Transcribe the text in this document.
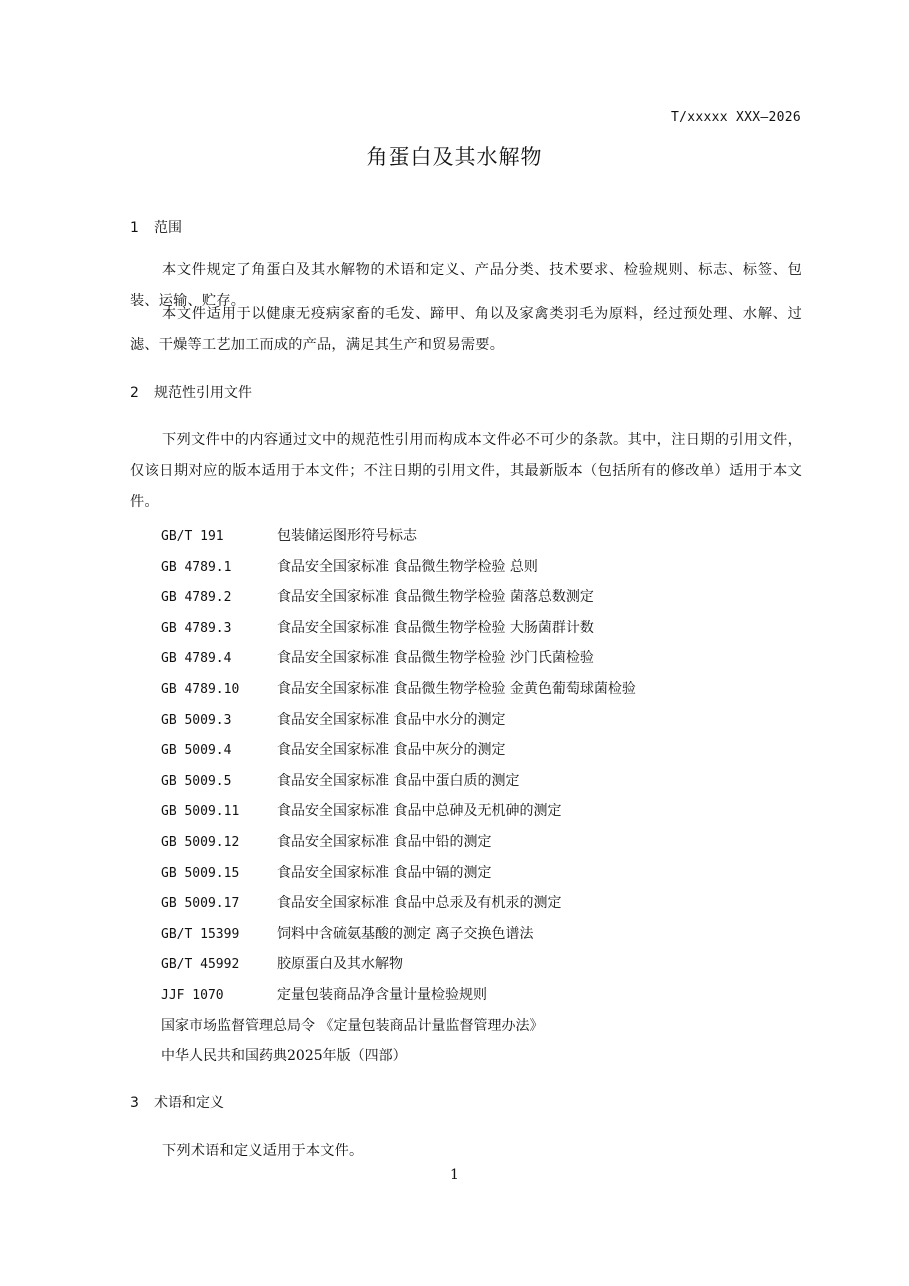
T/xxxxx XXX—2026
角蛋白及其水解物
1 范围
本文件规定了角蛋白及其水解物的术语和定义、产品分类、技术要求、检验规则、标志、标签、包装、运输、贮存。
本文件适用于以健康无疫病家畜的毛发、蹄甲、角以及家禽类羽毛为原料，经过预处理、水解、过滤、干燥等工艺加工而成的产品，满足其生产和贸易需要。
2 规范性引用文件
下列文件中的内容通过文中的规范性引用而构成本文件必不可少的条款。其中，注日期的引用文件，仅该日期对应的版本适用于本文件；不注日期的引用文件，其最新版本（包括所有的修改单）适用于本文件。
GB/T 191	包装储运图形符号标志
GB 4789.1	食品安全国家标准 食品微生物学检验 总则
GB 4789.2	食品安全国家标准 食品微生物学检验 菌落总数测定
GB 4789.3	食品安全国家标准 食品微生物学检验 大肠菌群计数
GB 4789.4	食品安全国家标准 食品微生物学检验 沙门氏菌检验
GB 4789.10	食品安全国家标准 食品微生物学检验 金黄色葡萄球菌检验
GB 5009.3	食品安全国家标准 食品中水分的测定
GB 5009.4	食品安全国家标准 食品中灰分的测定
GB 5009.5	食品安全国家标准 食品中蛋白质的测定
GB 5009.11	食品安全国家标准 食品中总砷及无机砷的测定
GB 5009.12	食品安全国家标准 食品中铅的测定
GB 5009.15	食品安全国家标准 食品中镉的测定
GB 5009.17	食品安全国家标准 食品中总汞及有机汞的测定
GB/T 15399	饲料中含硫氨基酸的测定 离子交换色谱法
GB/T 45992	胶原蛋白及其水解物
JJF 1070	定量包装商品净含量计量检验规则
国家市场监督管理总局令 《定量包装商品计量监督管理办法》
中华人民共和国药典2025年版（四部）
3 术语和定义
下列术语和定义适用于本文件。
1
